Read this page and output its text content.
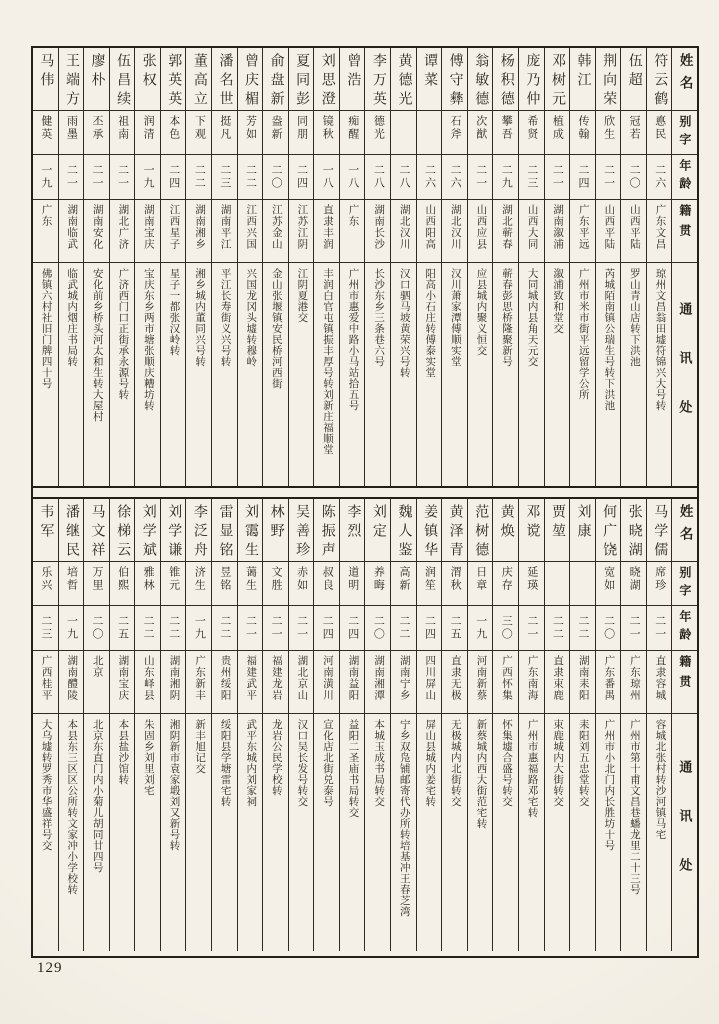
姓名
别字
年龄
籍贯
通讯处
符云鹤
悳民
二六
广东文昌
琼州文昌翁田墟符锦兴大号转
伍超
冠若
二〇
山西平陆
罗山青山店转下洪池
荆向荣
欣生
二一
山西平陆
芮城陌南镇公瑞生号转下洪池
韩江
传翰
二四
广东平远
广州市米市街平远留学公所
邓树元
植成
二一
湖南溆浦
溆浦致和堂交
庞乃仲
希贤
二三
山西大同
大同城内县角天元交
杨积德
攀吾
二九
湖北蕲春
蕲春彭思桥隆聚新号
翁敏德
次猷
二一
山西应县
应县城内聚义恒交
傅守彝
石斧
二六
湖北汉川
汉川萧家潭傅顺实堂
谭菜
二六
山西阳高
阳高小石庄转傅泰实堂
黄德光
二八
湖北汉川
汉口驷马坡黄荣兴号转
李万英
德光
二八
湖南长沙
长沙东乡三条巷六号
曾浩
痴醒
一八
广东
广州市惠爱中路小马站拾五号
刘思澄
镜秋
一八
直隶丰润
丰润白官屯镇振丰厚号转刘新庄福顺堂
夏同彭
同朋
二四
江苏江阴
江阴夏港交
俞盘新
盎新
二〇
江苏金山
金山张堰镇安民桥河西街
曾庆楣
芳如
二二
江西兴国
兴国龙冈头墟转穆岭
潘名世
挺凡
二三
湖南平江
平江长寿街义兴号转
董高立
下观
二二
湖南湘乡
湘乡城内董同兴号转
郭英英
本色
二四
江西星子
星子一都张汉岭转
张权
润清
一九
湖南宝庆
宝庆东乡两市塘张顺庆糟坊转
伍昌续
祖南
二一
湖北广济
广济西门口正街承永源号转
廖朴
丕承
二一
湖南安化
安化前乡桥头河太和生转大屋村
王端方
雨墨
二一
湖南临武
临武城内烟庄书局转
马伟
健英
一九
广东
佛镇六村社旧门牌四十号
姓名
别字
年龄
籍贯
通讯处
马学儒
席珍
二一
直隶容城
容城北张村转沙河镇马宅
张晓湖
晓湖
二一
广东琼州
广州市第十甫文昌巷蟠龙里二十三号
何广饶
宽如
二〇
广东番禺
广州市小北门内长胜坊十号
刘康
二二
湖南耒阳
耒阳刘五忠堂转交
贾堃
二二
直隶束鹿
束鹿城内大街转交
邓谠
延瑛
二一
广东南海
广州市惠福路邓宅转
黄焕
庆存
三〇
广西怀集
怀集墟合盛号转交
范树德
日章
一九
河南新蔡
新蔡城内西大街范宅转
黄泽青
渭秋
二五
直隶无极
无极城内北街转交
姜镇华
润笙
二四
四川屏山
屏山县城内姜宅转
魏人鉴
高新
二二
湖南宁乡
宁乡双凫铺邮寄代办所转培基冲王春芝湾
刘定
养晦
二〇
湖南湘潭
本城玉成书局转交
李烈
道明
二四
湖南益阳
益阳二圣庙书局转交
陈振声
叔良
二四
河南潢川
宣化店北街兑泰号
吴善珍
赤如
二一
湖北京山
汉口吴长发号转交
林野
文胜
二一
福建龙岩
龙岩公民学校转
刘霭生
蔼生
二一
福建武平
武平东城内刘家祠
雷显铭
昱铭
二二
贵州绥阳
绥阳县学塘雷宅转
李泛舟
济生
一九
广东新丰
新丰旭记交
刘学谦
锥元
二二
湖南湘阴
湘阴新市袁家塅刘又新号转
刘学斌
雅林
二二
山东峄县
朱固乡刘里刘宅
徐梯云
伯熙
二五
湖南宝庆
本县盐沙馆转
马文祥
万里
二〇
北京
北京东直门内小菊儿胡同廿四号
潘继民
培哲
一九
湖南醴陵
本县东三区区公所转文家冲小学校转
韦军
乐兴
二三
广西桂平
大乌墟转罗秀市华盛祥号交
129
